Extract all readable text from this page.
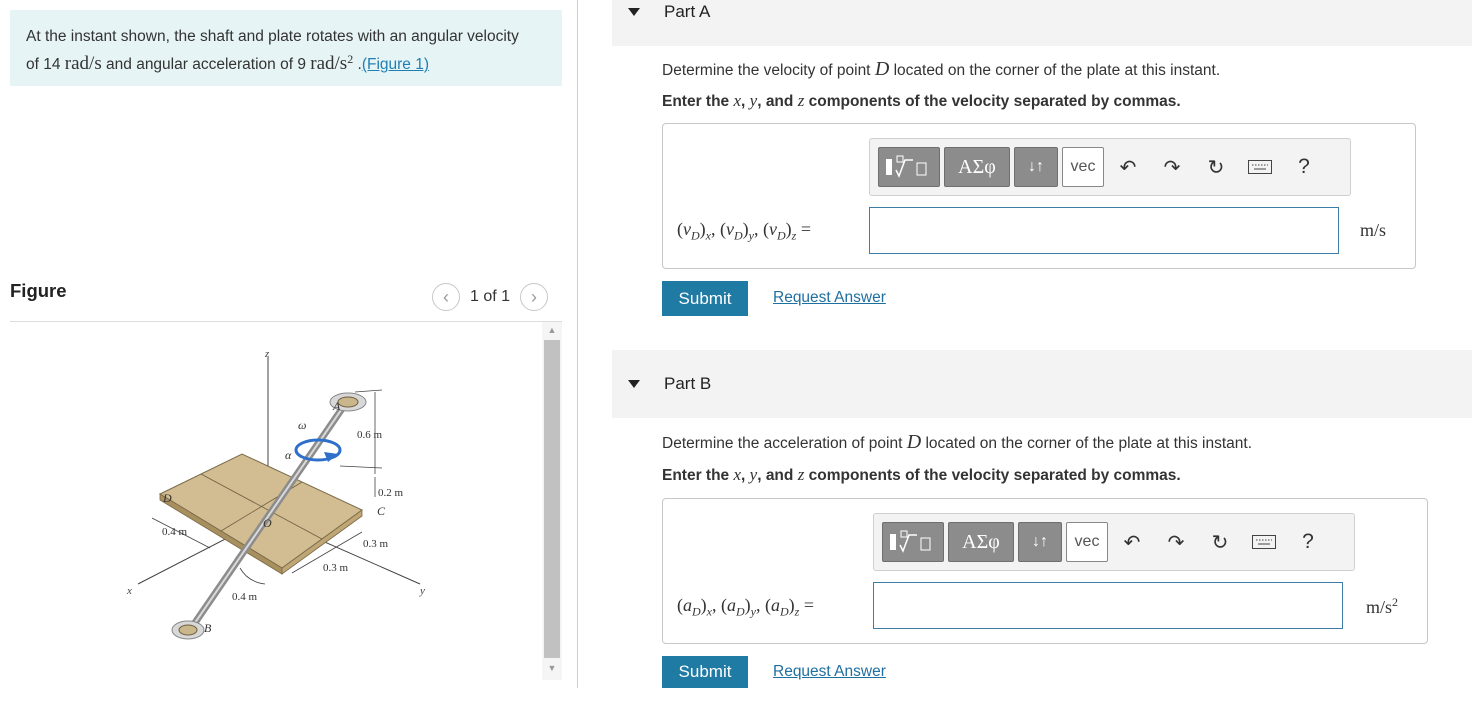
At the instant shown, the shaft and plate rotates with an angular velocity
of 14 rad/s and angular acceleration of 9 rad/$s^2$ .(Figure 1)
Figure	‹ 1 of 1 ›
z
x	y
A
B
C
D
O
ω
α
0.6 m
0.2 m
0.4 m
0.3 m
0.3 m
0.4 m
▲
▼
Part A
Determine the velocity of point D located on the corner of the plate at this instant.
Enter the x, y, and z components of the velocity separated by commas.
ΑΣφ	↓↑	vec	↶	↷	↻	?
$(v_D)_x$, $(v_D)_y$, $(v_D)_z$ =	m/s
Submit	Request Answer
Part B
Determine the acceleration of point D located on the corner of the plate at this instant.
Enter the x, y, and z components of the velocity separated by commas.
ΑΣφ	↓↑	vec	↶	↷	↻	?
$(a_D)_x$, $(a_D)_y$, $(a_D)_z$ =	$m/s^2$
Submit	Request Answer
